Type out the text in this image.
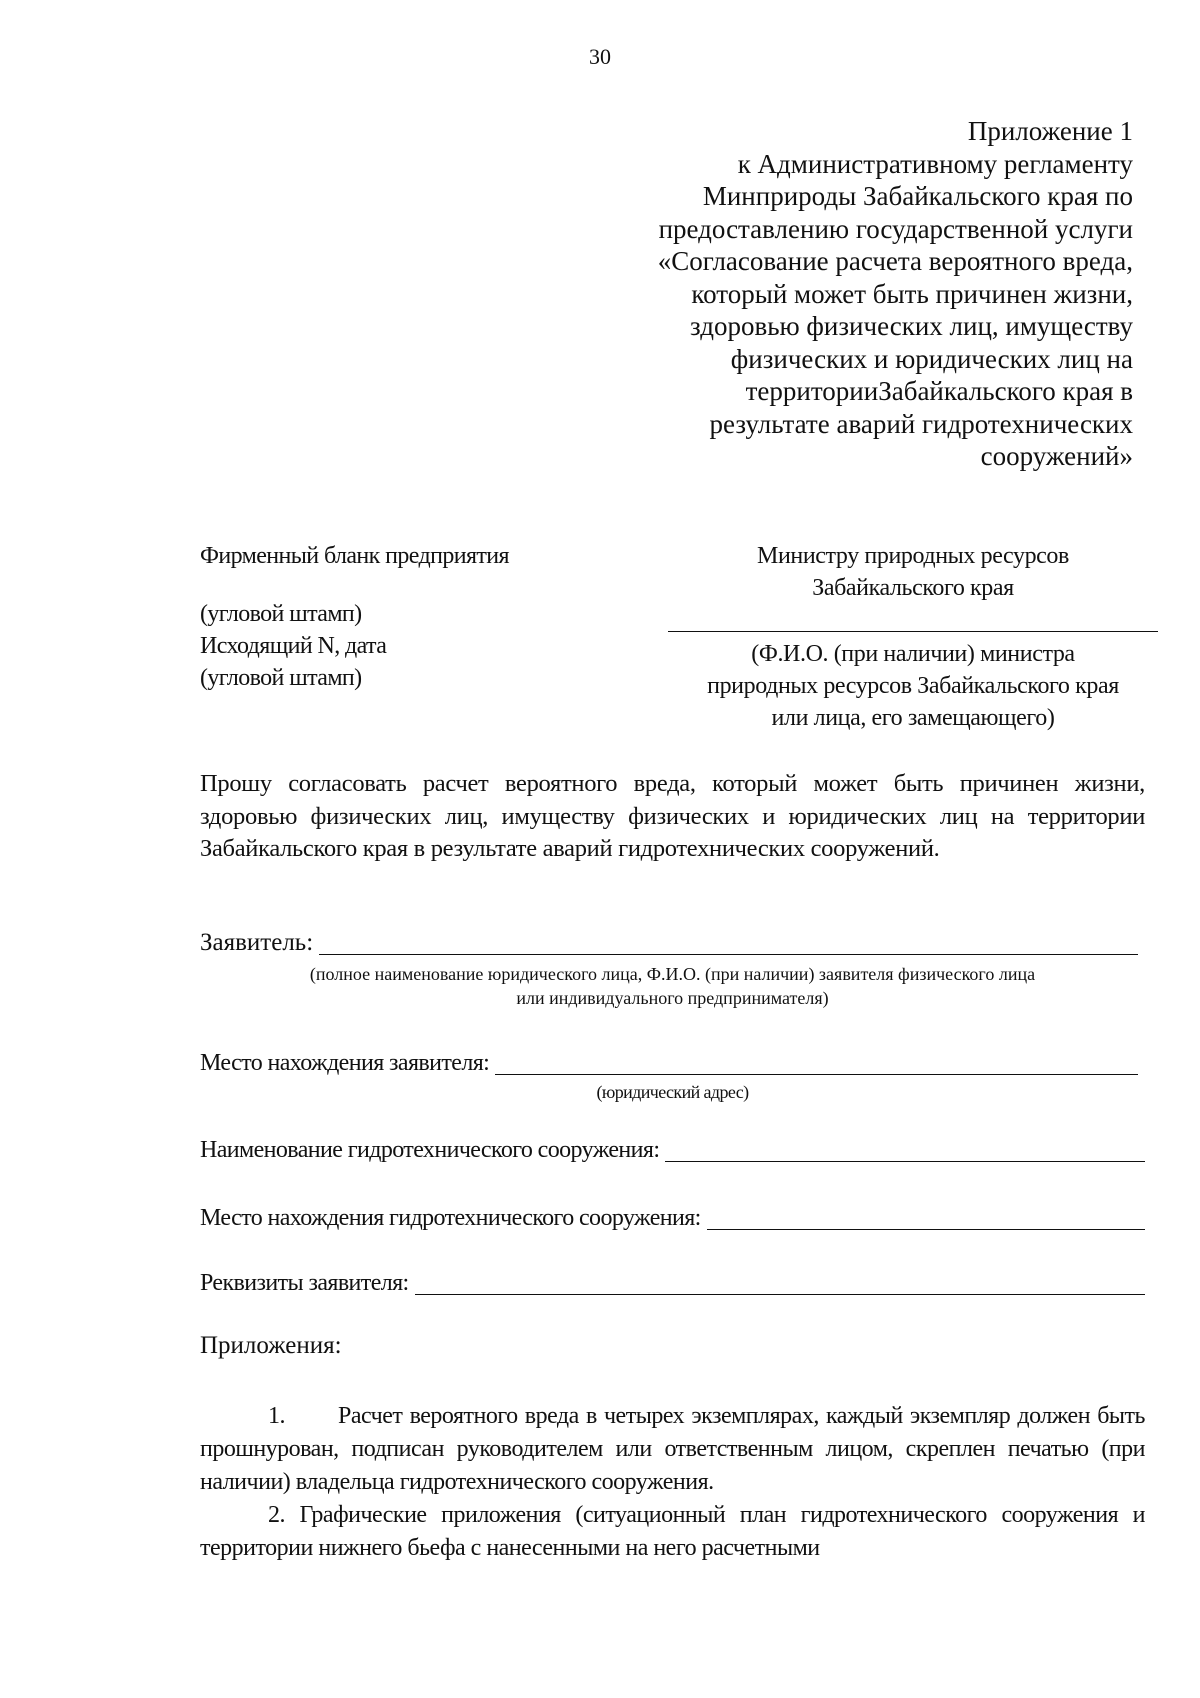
30
Приложение 1
к Административному регламенту
Минприроды Забайкальского края по
предоставлению государственной услуги
«Согласование расчета вероятного вреда,
который может быть причинен жизни,
здоровью физических лиц, имуществу
физических и юридических лиц на
территорииЗабайкальского края в
результате аварий гидротехнических
сооружений»
Фирменный бланк предприятия
(угловой штамп)
Исходящий N, дата
(угловой штамп)
Министру природных ресурсов
Забайкальского края
(Ф.И.О. (при наличии) министра
природных ресурсов Забайкальского края
или лица, его замещающего)
Прошу согласовать расчет вероятного вреда, который может быть причинен жизни, здоровью физических лиц, имуществу физических и юридических лиц на территории Забайкальского края в результате аварий гидротехнических сооружений.
Заявитель:
(полное наименование юридического лица, Ф.И.О. (при наличии) заявителя физического лица
или индивидуального предпринимателя)
Место нахождения заявителя:
(юридический адрес)
Наименование гидротехнического сооружения:
Место нахождения гидротехнического сооружения:
Реквизиты заявителя:
Приложения:
1. Расчет вероятного вреда в четырех экземплярах, каждый экземпляр должен быть прошнурован, подписан руководителем или ответственным лицом, скреплен печатью (при наличии) владельца гидротехнического сооружения.
2. Графические приложения (ситуационный план гидротехнического сооружения и территории нижнего бьефа с нанесенными на него расчетными
